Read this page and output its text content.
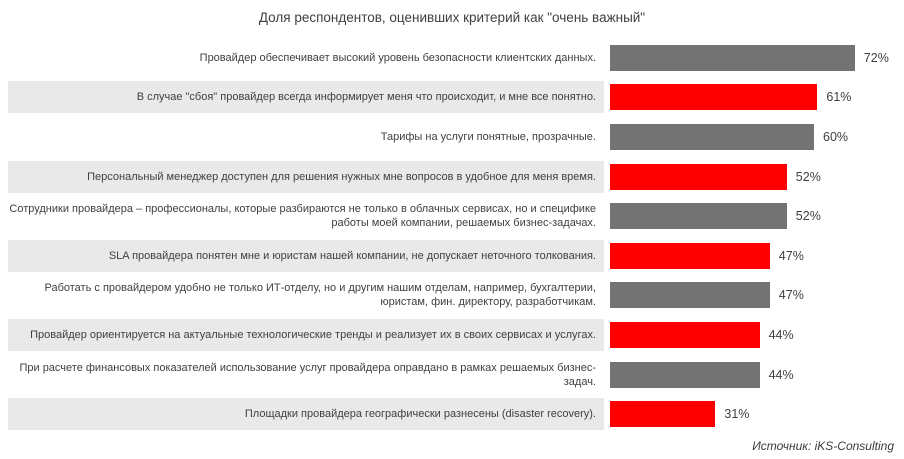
Доля респондентов, оценивших критерий как "очень важный"
Провайдер обеспечивает высокий уровень безопасности клиентских данных.	72%
В случае "сбоя" провайдер всегда информирует меня что происходит, и мне все понятно.	61%
Тарифы на услуги понятные, прозрачные.	60%
Персональный менеджер доступен для решения нужных мне вопросов в удобное для меня время.	52%
Сотрудники провайдера – профессионалы, которые разбираются не только в облачных сервисах, но и специфике работы моей компании, решаемых бизнес-задачах.	52%
SLA провайдера понятен мне и юристам нашей компании, не допускает неточного толкования.	47%
Работать с провайдером удобно не только ИТ-отделу, но и другим нашим отделам, например, бухгалтерии, юристам, фин. директору, разработчикам.	47%
Провайдер ориентируется на актуальные технологические тренды и реализует их в своих сервисах и услугах.	44%
При расчете финансовых показателей использование услуг провайдера оправдано в рамках решаемых бизнес-задач.	44%
Площадки провайдера географически разнесены (disaster recovery).	31%
Источник: iKS-Consulting
